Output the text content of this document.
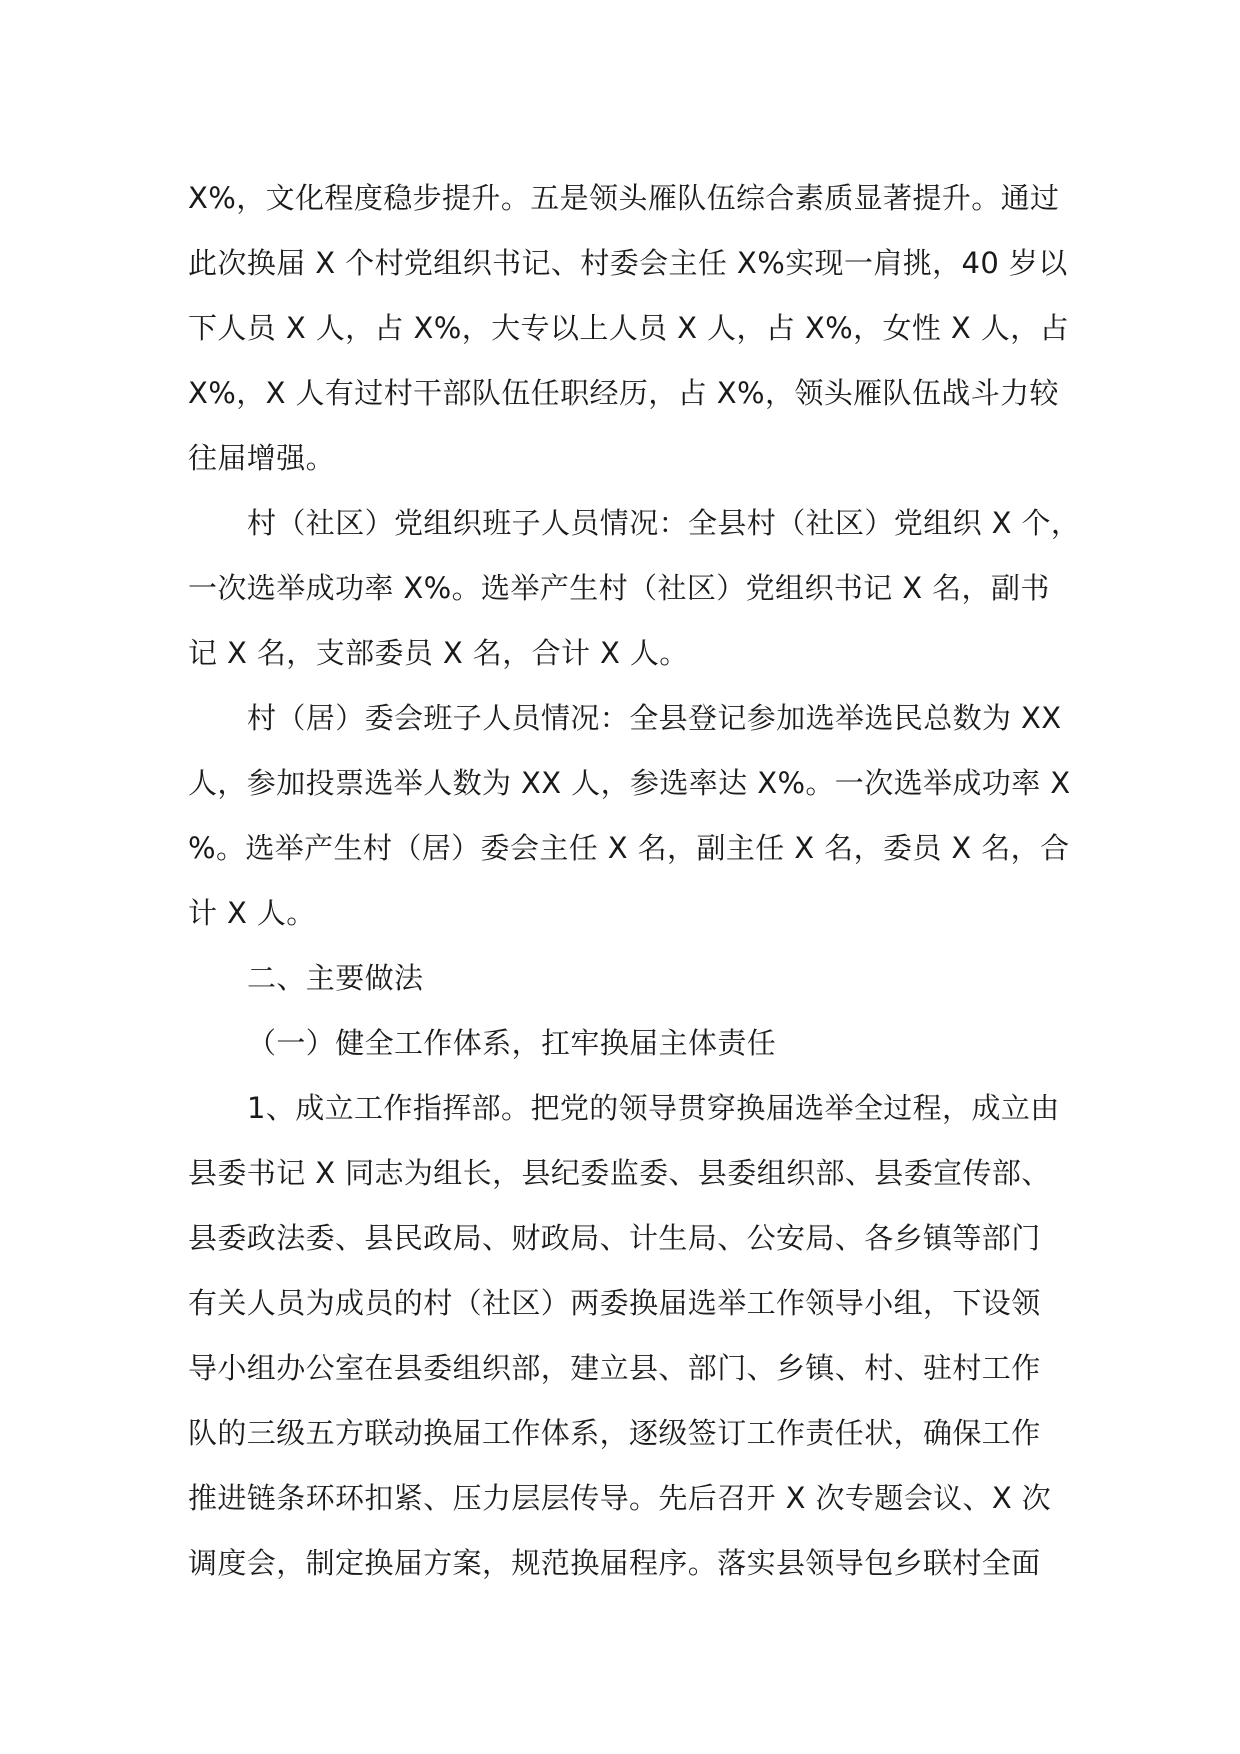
X%，文化程度稳步提升。五是领头雁队伍综合素质显著提升。通过
此次换届 X 个村党组织书记、村委会主任 X%实现一肩挑，40 岁以
下人员 X 人，占 X%，大专以上人员 X 人，占 X%，女性 X 人，占
X%，X 人有过村干部队伍任职经历，占 X%，领头雁队伍战斗力较
往届增强。
村（社区）党组织班子人员情况：全县村（社区）党组织 X 个，
一次选举成功率 X%。选举产生村（社区）党组织书记 X 名，副书
记 X 名，支部委员 X 名，合计 X 人。
村（居）委会班子人员情况：全县登记参加选举选民总数为 XX
人，参加投票选举人数为 XX 人，参选率达 X%。一次选举成功率 X
%。选举产生村（居）委会主任 X 名，副主任 X 名，委员 X 名，合
计 X 人。
二、主要做法
（一）健全工作体系，扛牢换届主体责任
1、成立工作指挥部。把党的领导贯穿换届选举全过程，成立由
县委书记 X 同志为组长，县纪委监委、县委组织部、县委宣传部、
县委政法委、县民政局、财政局、计生局、公安局、各乡镇等部门
有关人员为成员的村（社区）两委换届选举工作领导小组，下设领
导小组办公室在县委组织部，建立县、部门、乡镇、村、驻村工作
队的三级五方联动换届工作体系，逐级签订工作责任状，确保工作
推进链条环环扣紧、压力层层传导。先后召开 X 次专题会议、X 次
调度会，制定换届方案，规范换届程序。落实县领导包乡联村全面
